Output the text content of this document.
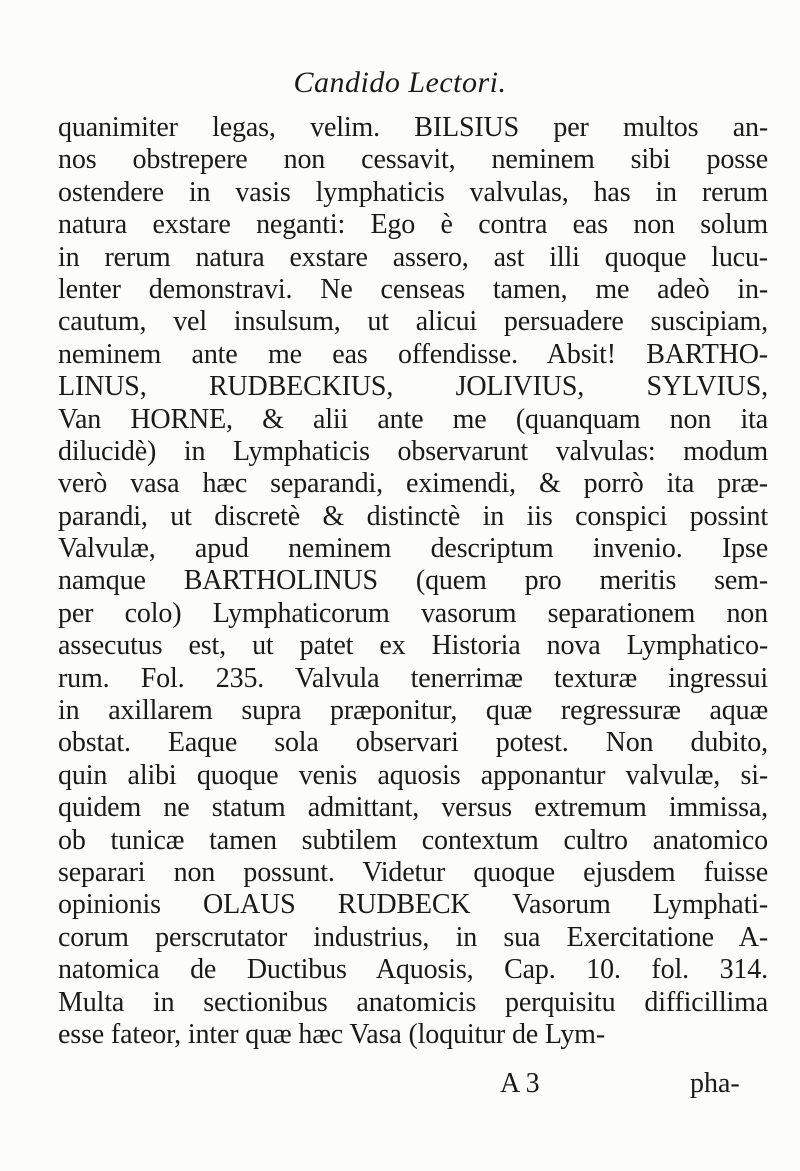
Candido Lectori.
quanimiter legas, velim. BILSIUS per multos an-
nos obstrepere non cessavit, neminem sibi posse
ostendere in vasis lymphaticis valvulas, has in rerum
natura exstare neganti: Ego è contra eas non solum
in rerum natura exstare assero, ast illi quoque lucu-
lenter demonstravi. Ne censeas tamen, me adeò in-
cautum, vel insulsum, ut alicui persuadere suscipiam,
neminem ante me eas offendisse. Absit! BARTHO-
LINUS, RUDBECKIUS, JOLIVIUS, SYLVIUS,
Van HORNE, & alii ante me (quanquam non ita
dilucidè) in Lymphaticis observarunt valvulas: modum
verò vasa hæc separandi, eximendi, & porrò ita præ-
parandi, ut discretè & distinctè in iis conspici possint
Valvulæ, apud neminem descriptum invenio. Ipse
namque BARTHOLINUS (quem pro meritis sem-
per colo) Lymphaticorum vasorum separationem non
assecutus est, ut patet ex Historia nova Lymphatico-
rum. Fol. 235. Valvula tenerrimæ texturæ ingressui
in axillarem supra præponitur, quæ regressuræ aquæ
obstat. Eaque sola observari potest. Non dubito,
quin alibi quoque venis aquosis apponantur valvulæ, si-
quidem ne statum admittant, versus extremum immissa,
ob tunicæ tamen subtilem contextum cultro anatomico
separari non possunt. Videtur quoque ejusdem fuisse
opinionis OLAUS RUDBECK Vasorum Lymphati-
corum perscrutator industrius, in sua Exercitatione A-
natomica de Ductibus Aquosis, Cap. 10. fol. 314.
Multa in sectionibus anatomicis perquisitu difficillima
esse fateor, inter quæ hæc Vasa (loquitur de Lym-
A 3	pha-
